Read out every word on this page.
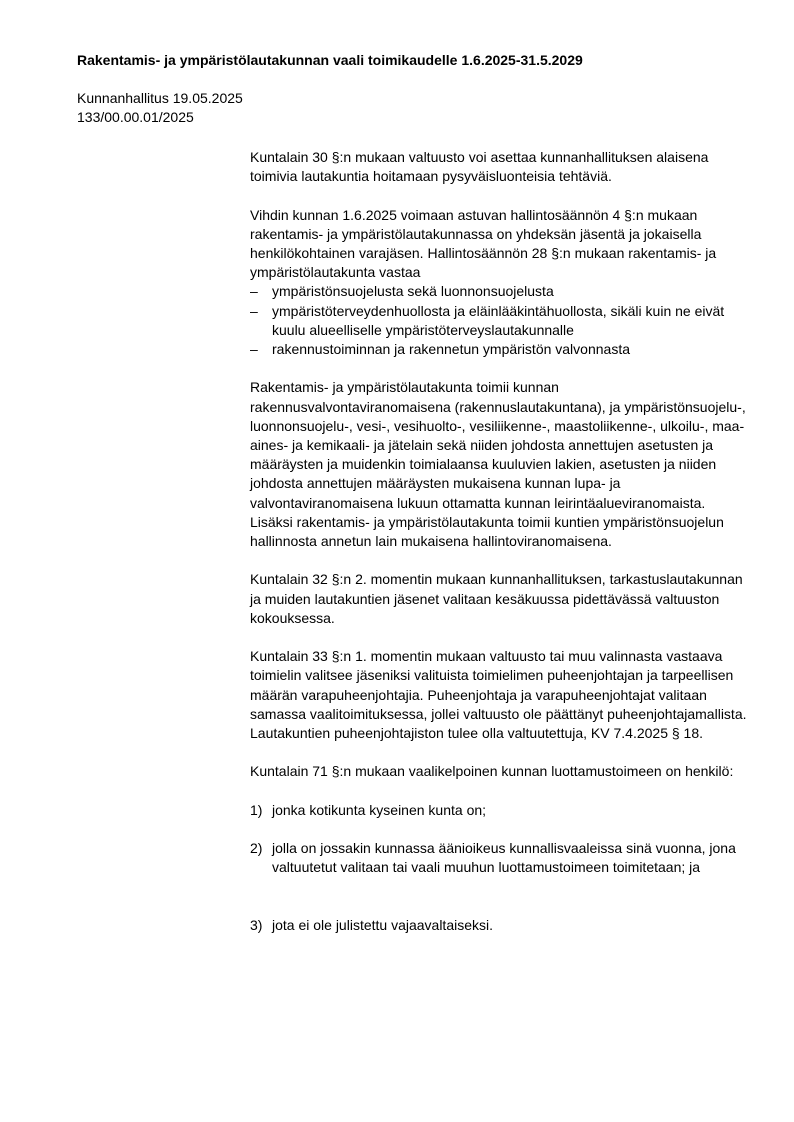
Rakentamis- ja ympäristölautakunnan vaali toimikaudelle 1.6.2025-31.5.2029
Kunnanhallitus 19.05.2025
133/00.00.01/2025

Kuntalain 30 §:n mukaan valtuusto voi asettaa kunnanhallituksen alaisena toimivia lautakuntia hoitamaan pysyväisluonteisia tehtäviä.

Vihdin kunnan 1.6.2025 voimaan astuvan hallintosäännön 4 §:n mukaan rakentamis- ja ympäristölautakunnassa on yhdeksän jäsentä ja jokaisella henkilökohtainen varajäsen. Hallintosäännön 28 §:n mukaan rakentamis- ja ympäristölautakunta vastaa

– ympäristönsuojelusta sekä luonnonsuojelusta
– ympäristöterveydenhuollosta ja eläinlääkintähuollosta, sikäli kuin ne eivät kuulu alueelliselle ympäristöterveyslautakunnalle
– rakennustoiminnan ja rakennetun ympäristön valvonnasta

Rakentamis- ja ympäristölautakunta toimii kunnan rakennusvalvontaviranomaisena (rakennuslautakuntana), ja ympäristönsuojelu-, luonnonsuojelu-, vesi-, vesihuolto-, vesiliikenne-, maastoliikenne-, ulkoilu-, maa-aines- ja kemikaali- ja jätelain sekä niiden johdosta annettujen asetusten ja määräysten ja muidenkin toimialaansa kuuluvien lakien, asetusten ja niiden johdosta annettujen määräysten mukaisena kunnan lupa- ja valvontaviranomaisena lukuun ottamatta kunnan leirintäalueviranomaista. Lisäksi rakentamis- ja ympäristölautakunta toimii kuntien ympäristönsuojelun hallinnosta annetun lain mukaisena hallintoviranomaisena.

Kuntalain 32 §:n 2. momentin mukaan kunnanhallituksen, tarkastuslautakunnan ja muiden lautakuntien jäsenet valitaan kesäkuussa pidettävässä valtuuston kokouksessa.

Kuntalain 33 §:n 1. momentin mukaan valtuusto tai muu valinnasta vastaava toimielin valitsee jäseniksi valituista toimielimen puheenjohtajan ja tarpeellisen määrän varapuheenjohtajia. Puheenjohtaja ja varapuheenjohtajat valitaan samassa vaalitoimituksessa, jollei valtuusto ole päättänyt puheenjohtajamallista. Lautakuntien puheenjohtajiston tulee olla valtuutettuja, KV 7.4.2025 § 18.

Kuntalain 71 §:n mukaan vaalikelpoinen kunnan luottamustoimeen on henkilö:

1) jonka kotikunta kyseinen kunta on;
2) jolla on jossakin kunnassa äänioikeus kunnallisvaaleissa sinä vuonna, jona valtuutetut valitaan tai vaali muuhun luottamustoimeen toimitetaan; ja
3) jota ei ole julistettu vajaavaltaiseksi.
